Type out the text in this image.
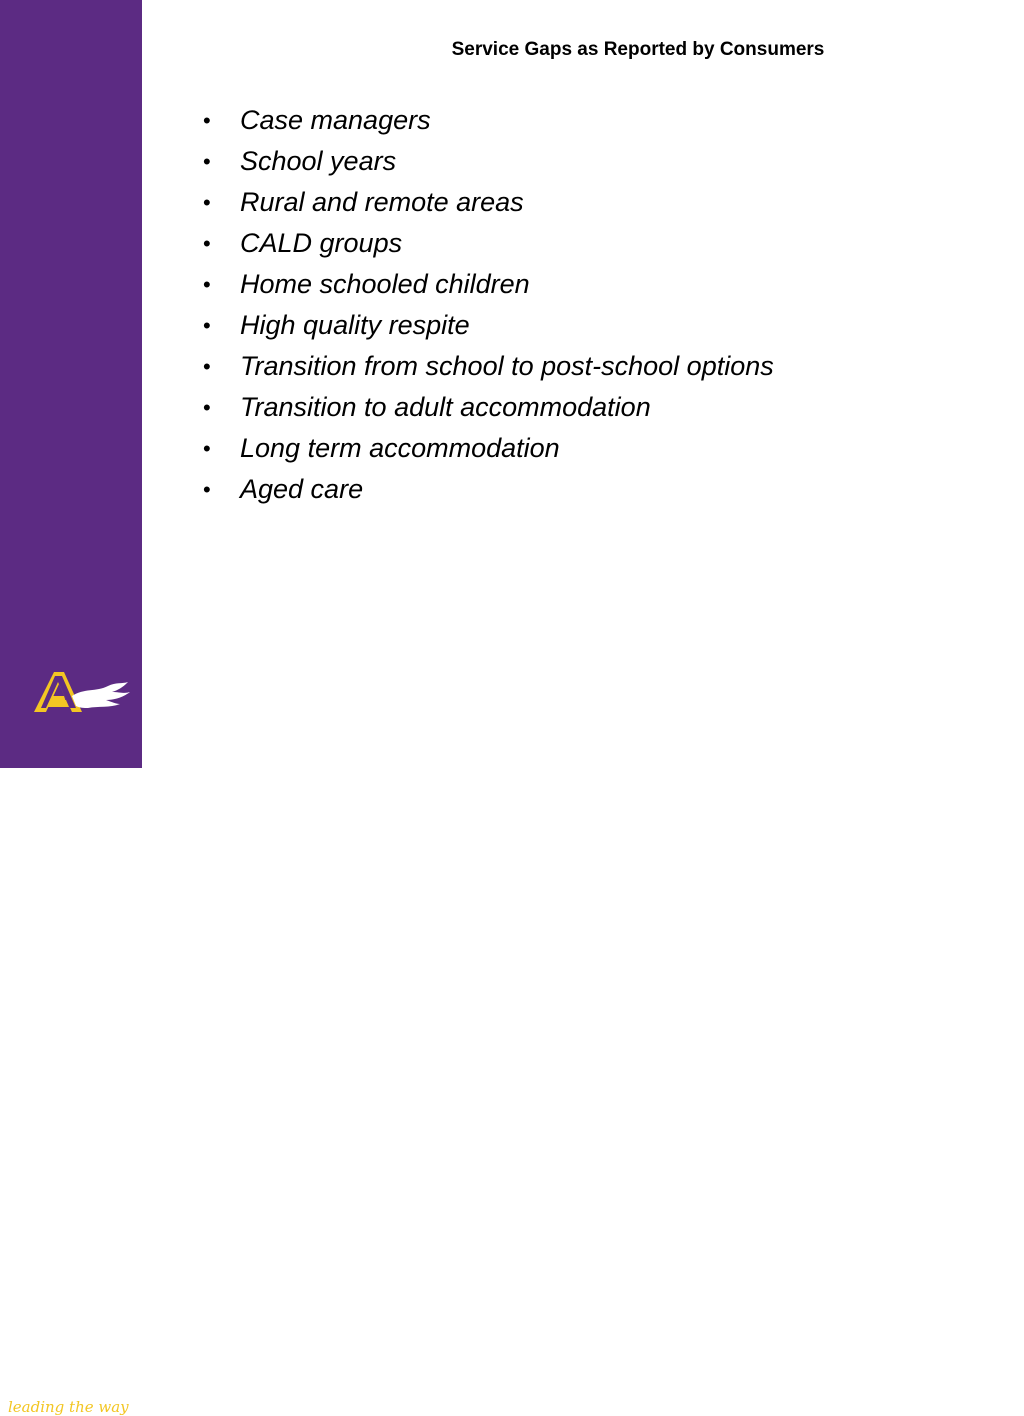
AUTISM SA
leading the way
Service Gaps as Reported by Consumers
• Case managers
• School years
• Rural and remote areas
• CALD groups
• Home schooled children
• High quality respite
• Transition from school to post-school options
• Transition to adult accommodation
• Long term accommodation
• Aged care
